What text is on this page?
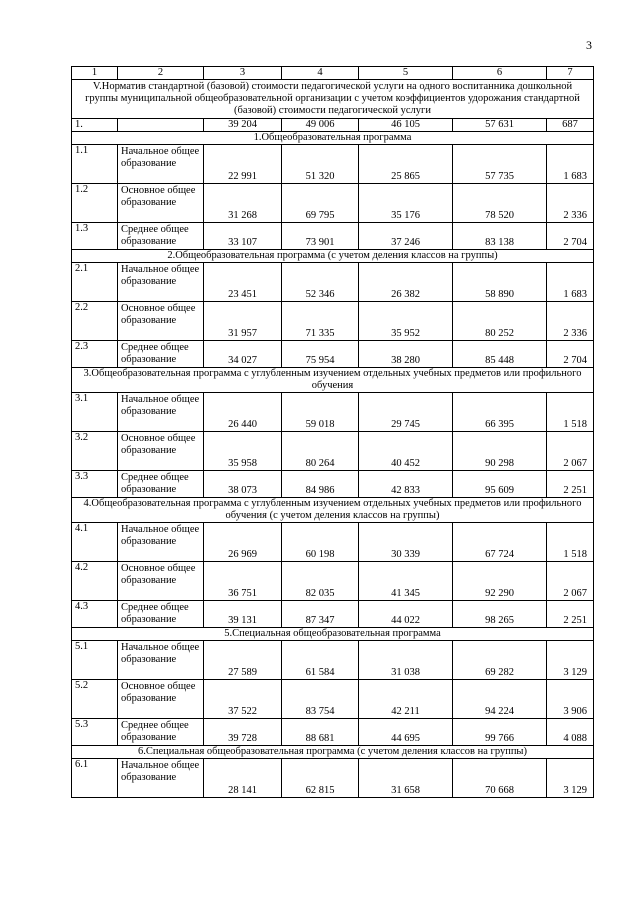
3
1	2	3	4	5	6	7
V.Норматив стандартной (базовой) стоимости педагогической услуги на одного воспитанника дошкольной группы муниципальной общеобразовательной организации с учетом коэффициентов удорожания стандартной (базовой) стоимости педагогической услуги						
1.		39 204	49 006	46 105	57 631	687
1.Общеобразовательная программа						
1.1	Начальное общее образование	22 991	51 320	25 865	57 735	1 683
1.2	Основное общее образование	31 268	69 795	35 176	78 520	2 336
1.3	Среднее общее образование	33 107	73 901	37 246	83 138	2 704
2.Общеобразовательная программа (с учетом деления классов на группы)						
2.1	Начальное общее образование	23 451	52 346	26 382	58 890	1 683
2.2	Основное общее образование	31 957	71 335	35 952	80 252	2 336
2.3	Среднее общее образование	34 027	75 954	38 280	85 448	2 704
3.Общеобразовательная программа с углубленным изучением отдельных учебных предметов или профильного обучения						
3.1	Начальное общее образование	26 440	59 018	29 745	66 395	1 518
3.2	Основное общее образование	35 958	80 264	40 452	90 298	2 067
3.3	Среднее общее образование	38 073	84 986	42 833	95 609	2 251
4.Общеобразовательная программа с углубленным изучением отдельных учебных предметов или профильного обучения (с учетом деления классов на группы)						
4.1	Начальное общее образование	26 969	60 198	30 339	67 724	1 518
4.2	Основное общее образование	36 751	82 035	41 345	92 290	2 067
4.3	Среднее общее образование	39 131	87 347	44 022	98 265	2 251
5.Специальная общеобразовательная программа						
5.1	Начальное общее образование	27 589	61 584	31 038	69 282	3 129
5.2	Основное общее образование	37 522	83 754	42 211	94 224	3 906
5.3	Среднее общее образование	39 728	88 681	44 695	99 766	4 088
6.Специальная общеобразовательная программа (с учетом деления классов на группы)						
6.1	Начальное общее образование	28 141	62 815	31 658	70 668	3 129
